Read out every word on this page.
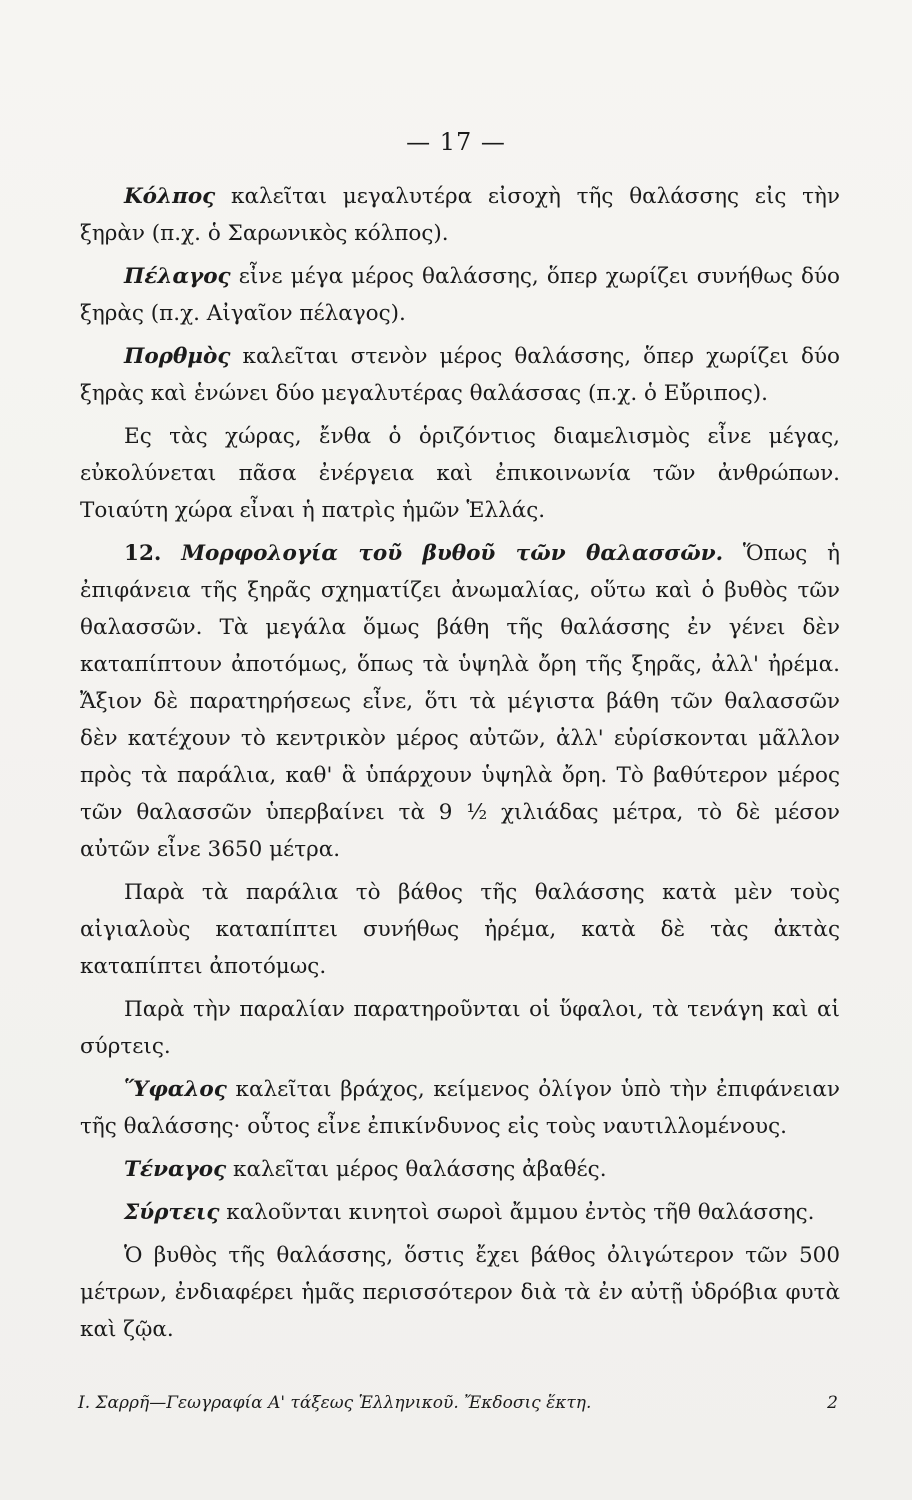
— 17 —

Κόλπος καλεῖται μεγαλυτέρα εἰσοχὴ τῆς θαλάσσης εἰς τὴν ξηρὰν (π.χ. ὁ Σαρωνικὸς κόλπος).

Πέλαγος εἶνε μέγα μέρος θαλάσσης, ὅπερ χωρίζει συνήθως δύο ξηρὰς (π.χ. Αἰγαῖον πέλαγος).

Πορθμὸς καλεῖται στενὸν μέρος θαλάσσης, ὅπερ χωρίζει δύο ξηρὰς καὶ ἑνώνει δύο μεγαλυτέρας θαλάσσας (π.χ. ὁ Εὔριπος).

Ες τὰς χώρας, ἔνθα ὁ ὁριζόντιος διαμελισμὸς εἶνε μέγας, εὐκολύνεται πᾶσα ἐνέργεια καὶ ἐπικοινωνία τῶν ἀνθρώπων. Τοιαύτη χώρα εἶναι ἡ πατρὶς ἡμῶν Ἑλλάς.

12. Μορφολογία τοῦ βυθοῦ τῶν θαλασσῶν. Ὅπως ἡ ἐπιφάνεια τῆς ξηρᾶς σχηματίζει ἀνωμαλίας, οὕτω καὶ ὁ βυθὸς τῶν θαλασσῶν. Τὰ μεγάλα ὅμως βάθη τῆς θαλάσσης ἐν γένει δὲν καταπίπτουν ἀποτόμως, ὅπως τὰ ὑψηλὰ ὄρη τῆς ξηρᾶς, ἀλλ' ἠρέμα. Ἄξιον δὲ παρατηρήσεως εἶνε, ὅτι τὰ μέγιστα βάθη τῶν θαλασσῶν δὲν κατέχουν τὸ κεντρικὸν μέρος αὐτῶν, ἀλλ' εὑρίσκονται μᾶλλον πρὸς τὰ παράλια, καθ' ἃ ὑπάρχουν ὑψηλὰ ὄρη. Τὸ βαθύτερον μέρος τῶν θαλασσῶν ὑπερβαίνει τὰ 9 ½ χιλιάδας μέτρα, τὸ δὲ μέσον αὐτῶν εἶνε 3650 μέτρα.

Παρὰ τὰ παράλια τὸ βάθος τῆς θαλάσσης κατὰ μὲν τοὺς αἰγιαλοὺς καταπίπτει συνήθως ἠρέμα, κατὰ δὲ τὰς ἀκτὰς καταπίπτει ἀποτόμως.

Παρὰ τὴν παραλίαν παρατηροῦνται οἱ ὕφαλοι, τὰ τενάγη καὶ αἱ σύρτεις.

Ὕφαλος καλεῖται βράχος, κείμενος ὀλίγον ὑπὸ τὴν ἐπιφάνειαν τῆς θαλάσσης· οὗτος εἶνε ἐπικίνδυνος εἰς τοὺς ναυτιλλομένους.

Τέναγος καλεῖται μέρος θαλάσσης ἀβαθές.

Σύρτεις καλοῦνται κινητοὶ σωροὶ ἄμμου ἐντὸς τῆθ θαλάσσης.

Ὁ βυθὸς τῆς θαλάσσης, ὅστις ἔχει βάθος ὀλιγώτερον τῶν 500 μέτρων, ἐνδιαφέρει ἡμᾶς περισσότερον διὰ τὰ ἐν αὐτῇ ὑδρόβια φυτὰ καὶ ζῷα.

Ι. Σαρρῆ—Γεωγραφία Α' τάξεως Ἑλληνικοῦ. Ἔκδοσις ἕκτη.	2
